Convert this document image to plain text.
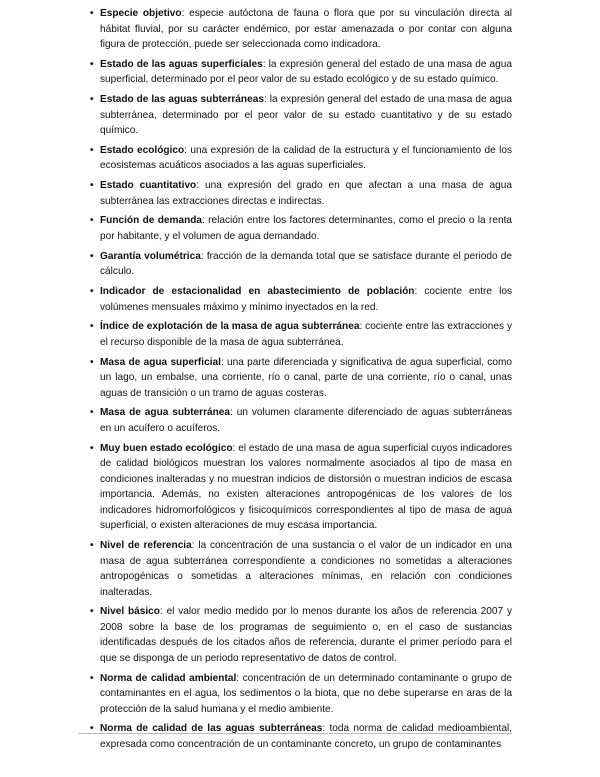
• Especie objetivo: especie autóctona de fauna o flora que por su vinculación directa al hábitat fluvial, por su carácter endémico, por estar amenazada o por contar con alguna figura de protección, puede ser seleccionada como indicadora.
• Estado de las aguas superficiales: la expresión general del estado de una masa de agua superficial, determinado por el peor valor de su estado ecológico y de su estado químico.
• Estado de las aguas subterráneas: la expresión general del estado de una masa de agua subterránea, determinado por el peor valor de su estado cuantitativo y de su estado químico.
• Estado ecológico: una expresión de la calidad de la estructura y el funcionamiento de los ecosistemas acuáticos asociados a las aguas superficiales.
• Estado cuantitativo: una expresión del grado en que afectan a una masa de agua subterránea las extracciones directas e indirectas.
• Función de demanda: relación entre los factores determinantes, como el precio o la renta por habitante, y el volumen de agua demandado.
• Garantía volumétrica: fracción de la demanda total que se satisface durante el periodo de cálculo.
• Indicador de estacionalidad en abastecimiento de población: cociente entre los volúmenes mensuales máximo y mínimo inyectados en la red.
• Índice de explotación de la masa de agua subterránea: cociente entre las extracciones y el recurso disponible de la masa de agua subterránea.
• Masa de agua superficial: una parte diferenciada y significativa de agua superficial, como un lago, un embalse, una corriente, río o canal, parte de una corriente, río o canal, unas aguas de transición o un tramo de aguas costeras.
• Masa de agua subterránea: un volumen claramente diferenciado de aguas subterráneas en un acuífero o acuíferos.
• Muy buen estado ecológico: el estado de una masa de agua superficial cuyos indicadores de calidad biológicos muestran los valores normalmente asociados al tipo de masa en condiciones inalteradas y no muestran indicios de distorsión o muestran indicios de escasa importancia. Además, no existen alteraciones antropogénicas de los valores de los indicadores hidromorfológicos y fisicoquímicos correspondientes al tipo de masa de agua superficial, o existen alteraciones de muy escasa importancia.
• Nivel de referencia: la concentración de una sustancia o el valor de un indicador en una masa de agua subterránea correspondiente a condiciones no sometidas a alteraciones antropogénicas o sometidas a alteraciones mínimas, en relación con condiciones inalteradas.
• Nivel básico: el valor medio medido por lo menos durante los años de referencia 2007 y 2008 sobre la base de los programas de seguimiento o, en el caso de sustancias identificadas después de los citados años de referencia, durante el primer período para el que se disponga de un periodo representativo de datos de control.
• Norma de calidad ambiental: concentración de un determinado contaminante o grupo de contaminantes en el agua, los sedimentos o la biota, que no debe superarse en aras de la protección de la salud humana y el medio ambiente.
• Norma de calidad de las aguas subterráneas: toda norma de calidad medioambiental, expresada como concentración de un contaminante concreto, un grupo de contaminantes
